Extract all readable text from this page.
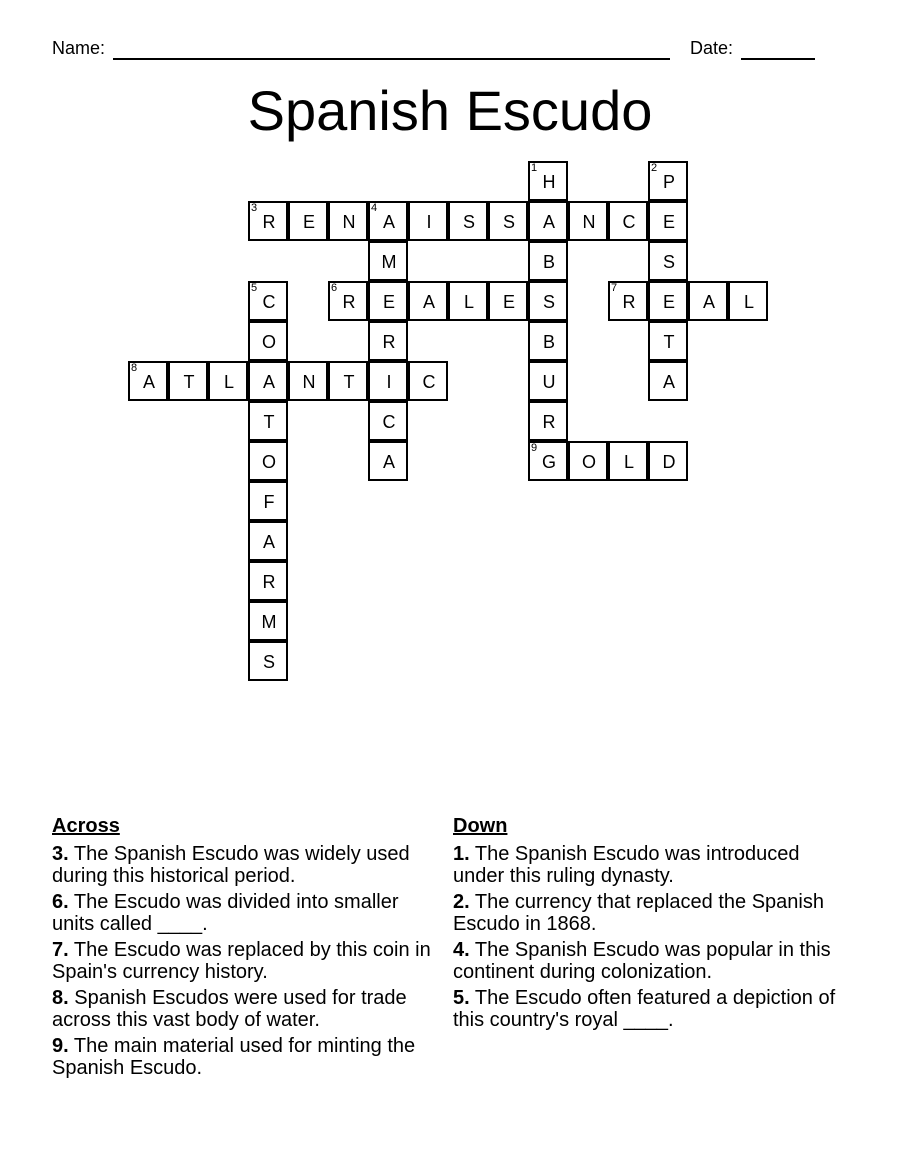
Name:	Date:
Spanish Escudo
3
R	E	N
4
A	I	S	S	A	N	C	E
6
R	E	A	L	E	S
7
R	E	A	L
8
A	T	L	A	N	T	I	C
9
G	O	L	D
1
H
B
B
U
R
2
P
S
T
A
M
R
C
A
5
C
O
T
O
F
A
R
M
S
Across
3. The Spanish Escudo was widely used during this historical period.
6. The Escudo was divided into smaller units called ____.
7. The Escudo was replaced by this coin in Spain's currency history.
8. Spanish Escudos were used for trade across this vast body of water.
9. The main material used for minting the Spanish Escudo.
Down
1. The Spanish Escudo was introduced under this ruling dynasty.
2. The currency that replaced the Spanish Escudo in 1868.
4. The Spanish Escudo was popular in this continent during colonization.
5. The Escudo often featured a depiction of this country's royal ____.
